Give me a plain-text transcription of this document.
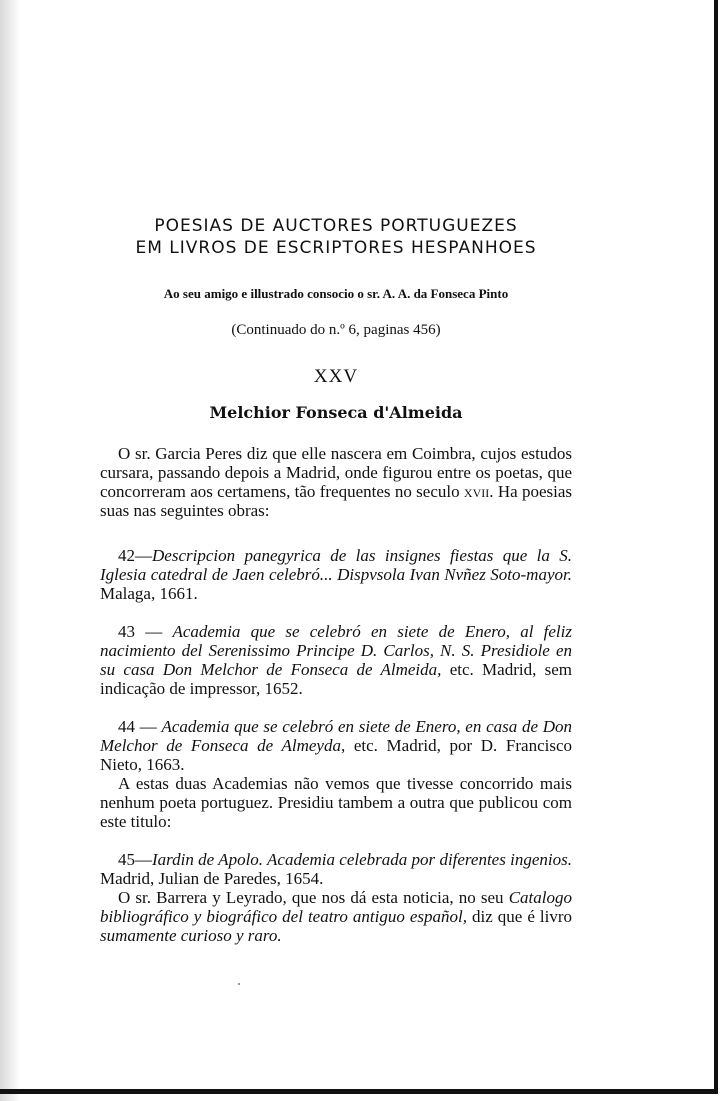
POESIAS DE AUCTORES PORTUGUEZES
EM LIVROS DE ESCRIPTORES HESPANHOES
Ao seu amigo e illustrado consocio o sr. A. A. da Fonseca Pinto
(Continuado do n.º 6, paginas 456)
XXV
Melchior Fonseca d'Almeida

O sr. Garcia Peres diz que elle nascera em Coimbra, cujos estudos cursara, passando depois a Madrid, onde figurou entre os poetas, que concorreram aos certamens, tão frequentes no seculo xvii. Ha poesias suas nas seguintes obras:

42—Descripcion panegyrica de las insignes fiestas que la S. Iglesia catedral de Jaen celebró... Dispvsola Ivan Nvñez Soto-mayor. Malaga, 1661.

43 — Academia que se celebró en siete de Enero, al feliz nacimiento del Serenissimo Principe D. Carlos, N. S. Presidiole en su casa Don Melchor de Fonseca de Almeida, etc. Madrid, sem indicação de impressor, 1652.

44 — Academia que se celebró en siete de Enero, en casa de Don Melchor de Fonseca de Almeyda, etc. Madrid, por D. Francisco Nieto, 1663.

A estas duas Academias não vemos que tivesse concorrido mais nenhum poeta portuguez. Presidiu tambem a outra que publicou com este titulo:

45—Iardin de Apolo. Academia celebrada por diferentes ingenios. Madrid, Julian de Paredes, 1654.

O sr. Barrera y Leyrado, que nos dá esta noticia, no seu Catalogo bibliográfico y biográfico del teatro antiguo español, diz que é livro sumamente curioso y raro.
